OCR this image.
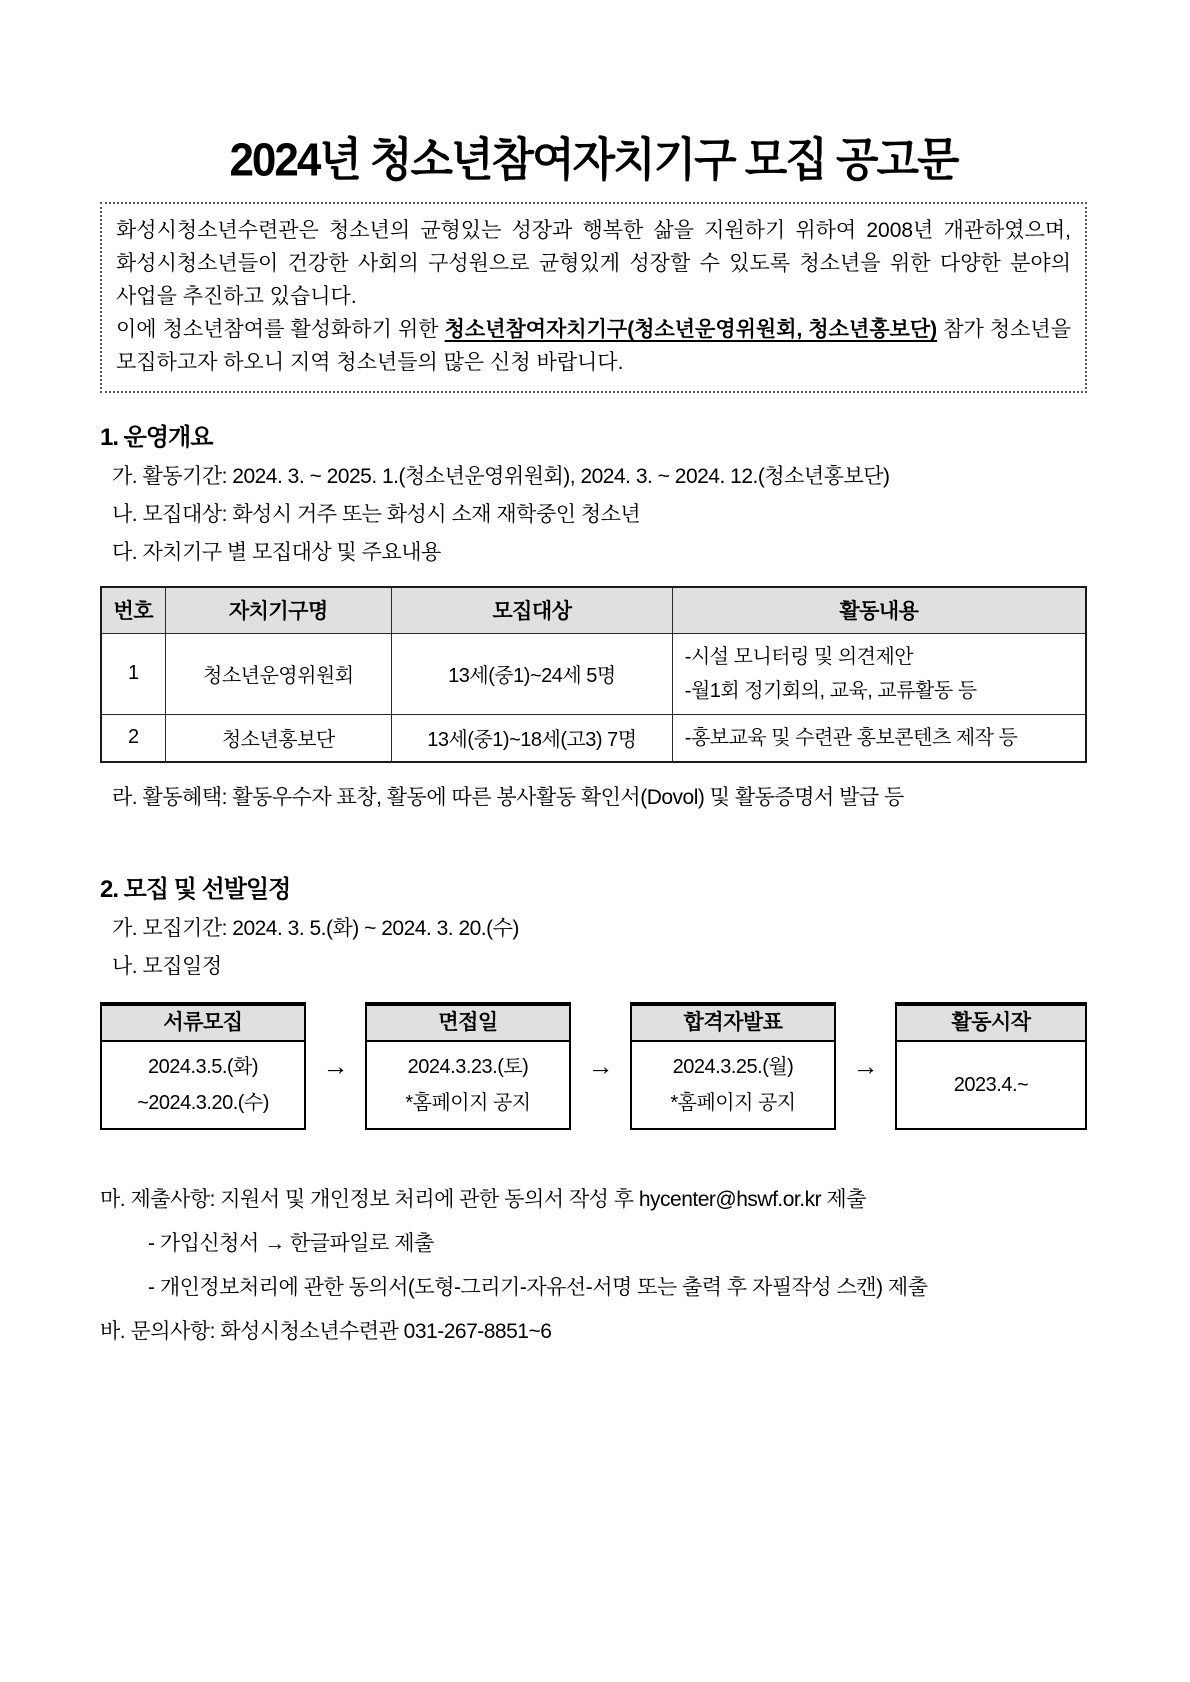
2024년 청소년참여자치기구 모집 공고문
화성시청소년수련관은 청소년의 균형있는 성장과 행복한 삶을 지원하기 위하여 2008년 개관하였으며, 화성시청소년들이 건강한 사회의 구성원으로 균형있게 성장할 수 있도록 청소년을 위한 다양한 분야의 사업을 추진하고 있습니다.
이에 청소년참여를 활성화하기 위한 청소년참여자치기구(청소년운영위원회, 청소년홍보단) 참가 청소년을 모집하고자 하오니 지역 청소년들의 많은 신청 바랍니다.
1. 운영개요
가. 활동기간: 2024. 3. ~ 2025. 1.(청소년운영위원회), 2024. 3. ~ 2024. 12.(청소년홍보단)
나. 모집대상: 화성시 거주 또는 화성시 소재 재학중인 청소년
다. 자치기구 별 모집대상 및 주요내용
번호	자치기구명	모집대상	활동내용
1	청소년운영위원회	13세(중1)~24세 5명	-시설 모니터링 및 의견제안
-월1회 정기회의, 교육, 교류활동 등

2	청소년홍보단	13세(중1)~18세(고3) 7명	-홍보교육 및 수련관 홍보콘텐츠 제작 등
라. 활동혜택: 활동우수자 표창, 활동에 따른 봉사활동 확인서(Dovol) 및 활동증명서 발급 등
2. 모집 및 선발일정
가. 모집기간: 2024. 3. 5.(화) ~ 2024. 3. 20.(수)
나. 모집일정
서류모집
2024.3.5.(화)
~2024.3.20.(수)
→
면접일
2024.3.23.(토)
*홈페이지 공지
→
합격자발표
2024.3.25.(월)
*홈페이지 공지
→
활동시작
2023.4.~
마. 제출사항: 지원서 및 개인정보 처리에 관한 동의서 작성 후 hycenter@hswf.or.kr 제출
- 가입신청서 → 한글파일로 제출
- 개인정보처리에 관한 동의서(도형-그리기-자유선-서명 또는 출력 후 자필작성 스캔) 제출
바. 문의사항: 화성시청소년수련관 031-267-8851~6
